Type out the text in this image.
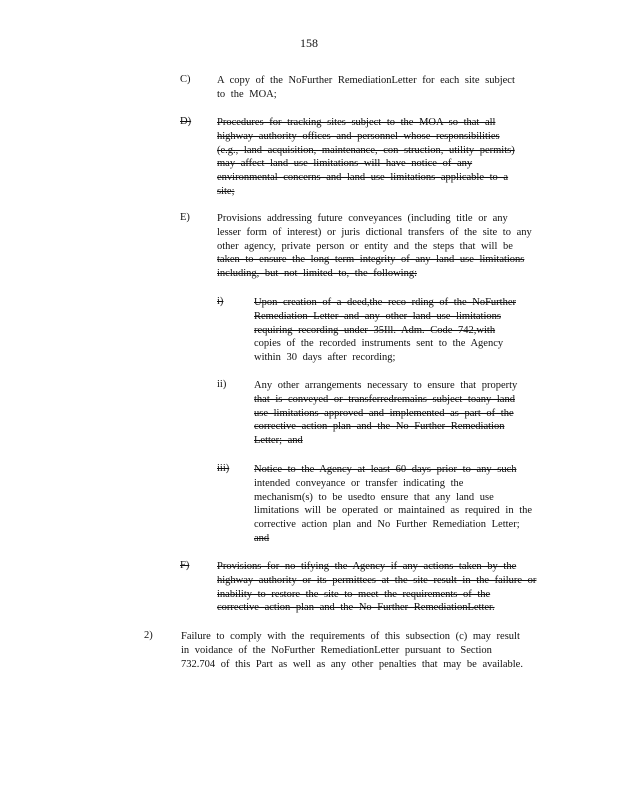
158
C)	A copy of the NoFurther RemediationLetter for each site subject

to the MOA;

D) Procedures for tracking sites subject to the MOA so that all

highway authority offices and personnel whose responsibilities

(e.g., land acquisition, maintenance, con struction, utility permits)

may affect land use limitations will have notice of any

environmental concerns and land use limitations applicable to a

site;

E)	Provisions addressing future conveyances (including title or any

lesser form of interest) or juris dictional transfers of the site to any

other agency, private person or entity and the steps that will be

taken to ensure the long term integrity of any land use limitations

including, but not limited to, the following:

i)	Upon creation of a deed,the reco rding of the NoFurther

Remediation Letter and any other land use limitations

requiring recording under 35Ill. Adm. Code 742,with

copies of the recorded instruments sent to the Agency

within 30 days after recording;

ii)	Any other arrangements necessary to ensure that property

that is conveyed or transferredremains subject toany land

use limitations approved and implemented as part of the

corrective action plan and the No Further Remediation

Letter; and

iii) Notice to the Agency at least 60 days prior to any such

intended conveyance or transfer indicating the

mechanism(s) to be usedto ensure that any land use

limitations will be operated or maintained as required in the

corrective action plan and No Further Remediation Letter;

and

F)	Provisions for no tifying the Agency if any actions taken by the

highway authority or its permittees at the site result in the failure or

inability to restore the site to meet the requirements of the

corrective action plan and the No Further RemediationLetter.

2)	Failure to comply with the requirements of this subsection (c) may result

in voidance of the NoFurther RemediationLetter pursuant to Section

732.704 of this Part as well as any other penalties that may be available.
